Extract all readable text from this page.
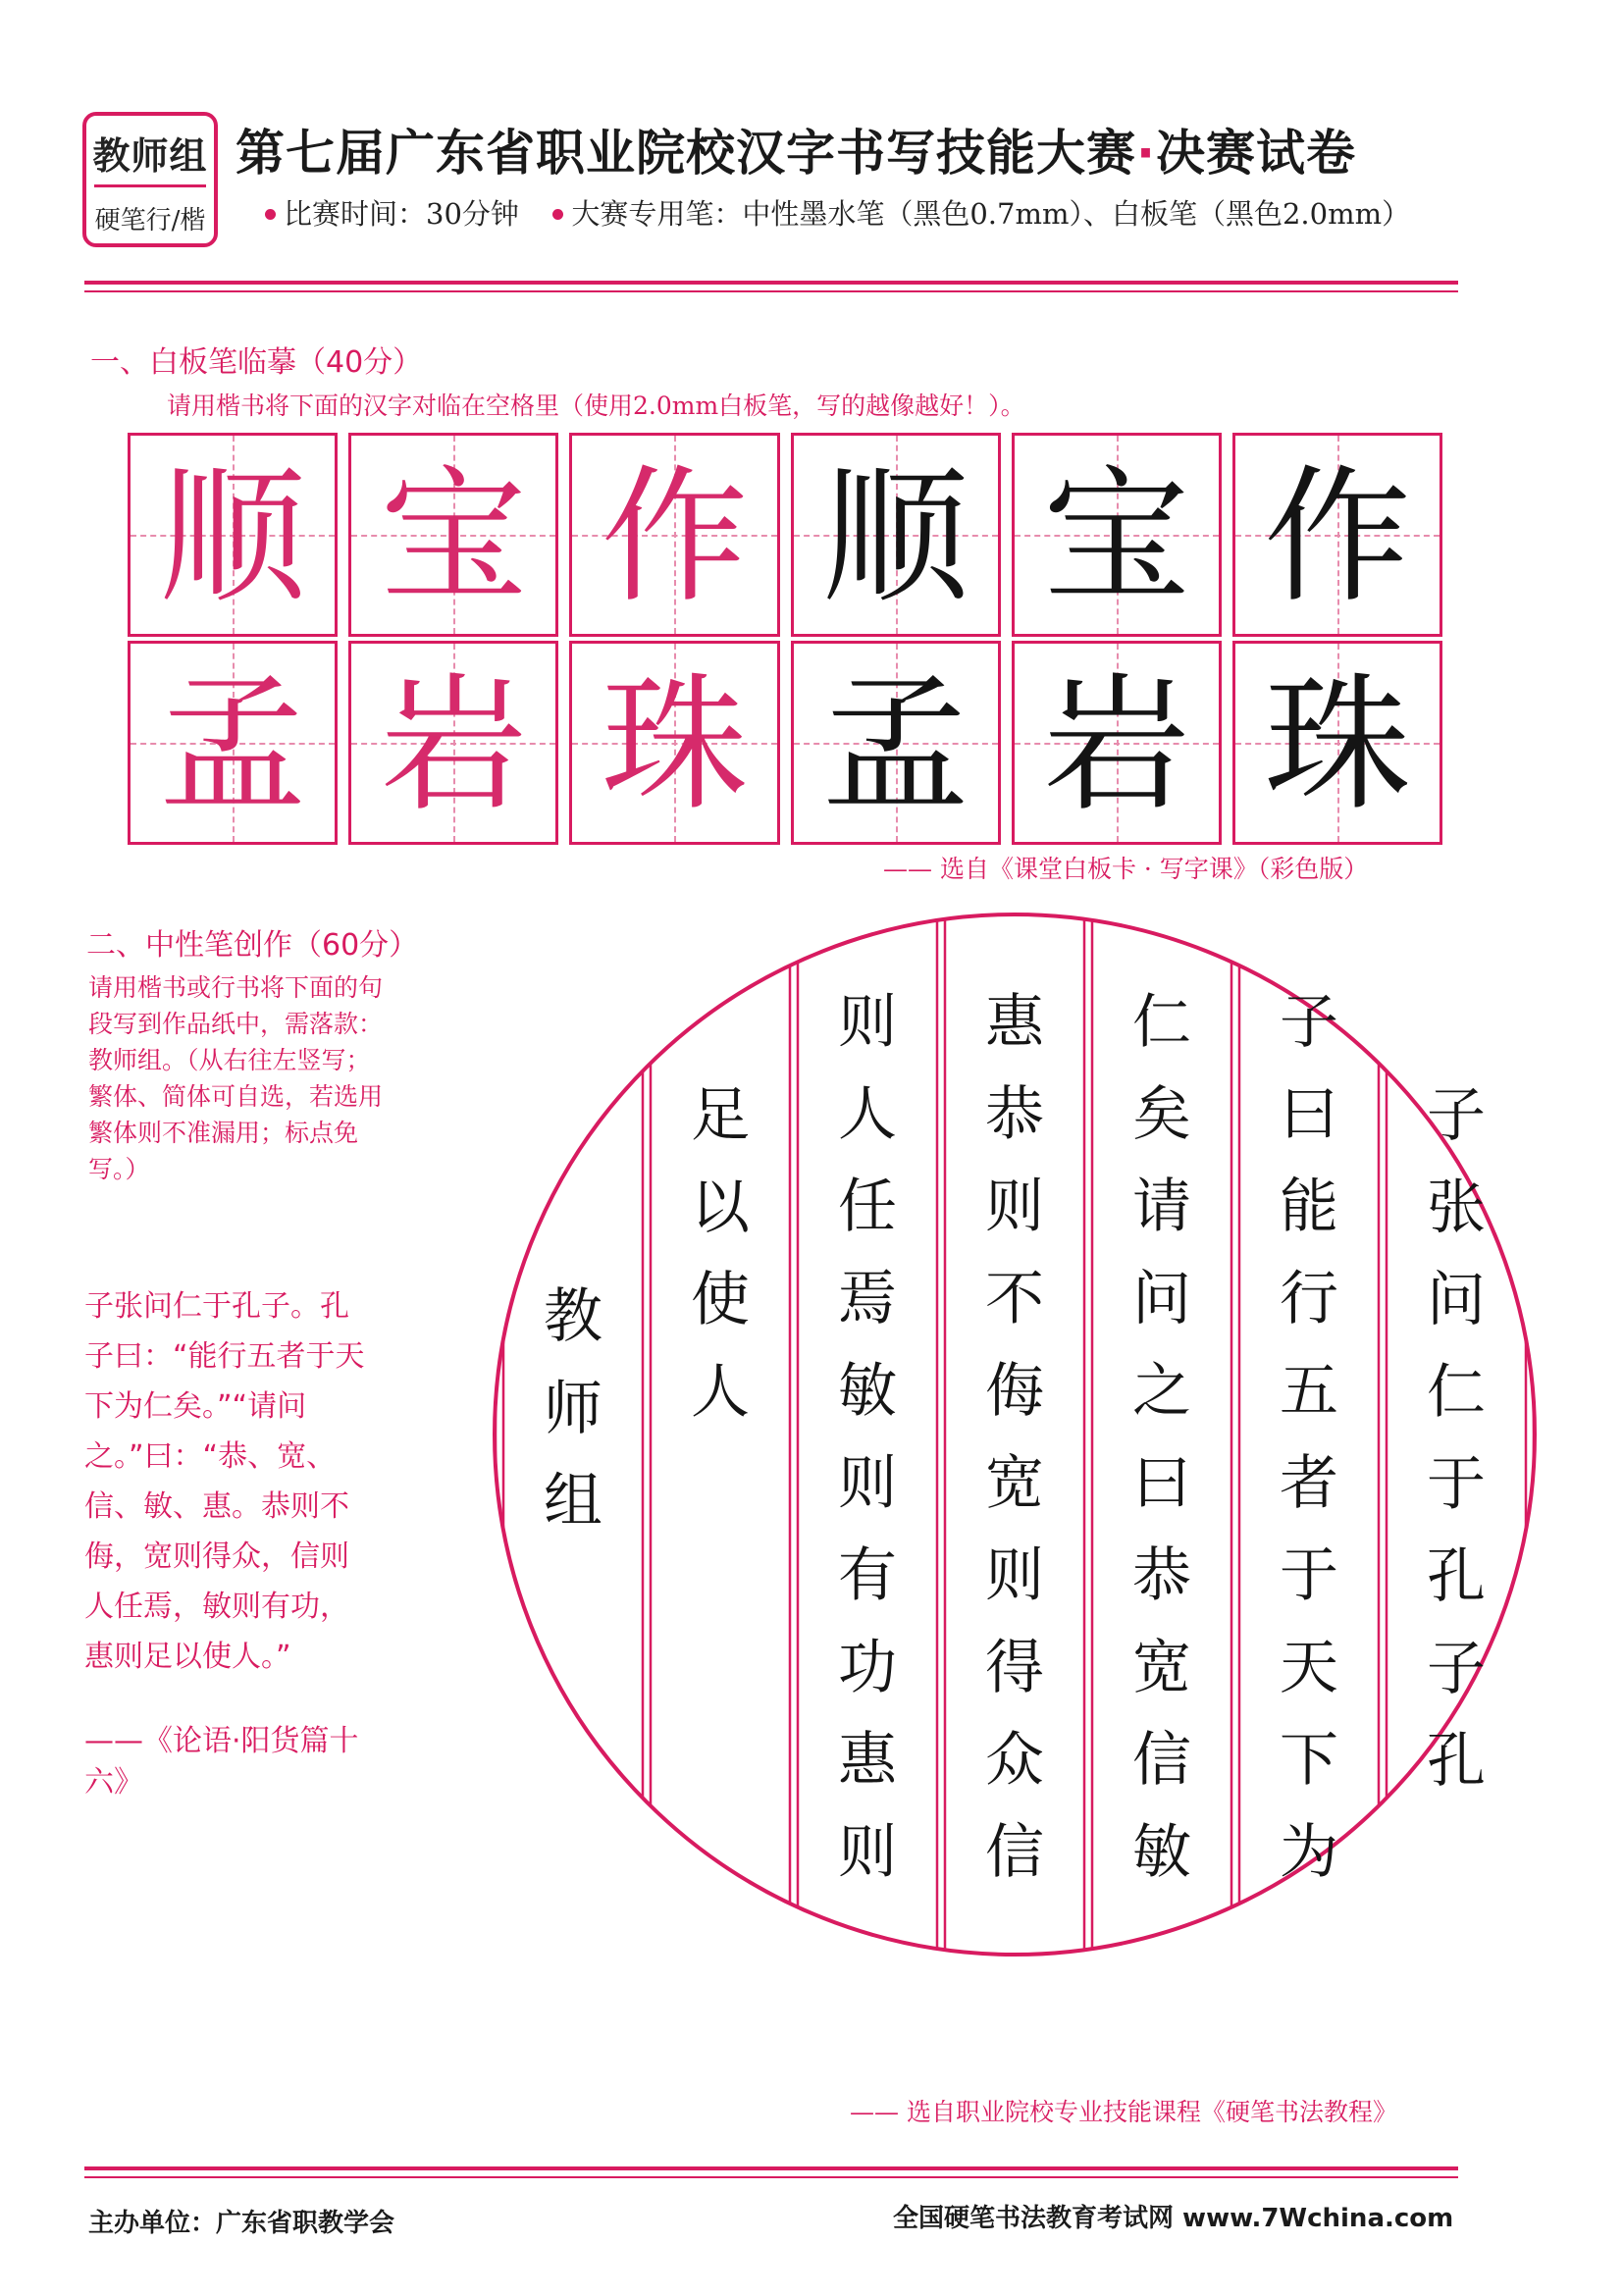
教师组
硬笔行/楷
第七届广东省职业院校汉字书写技能大赛·决赛试卷
比赛时间：30分钟 大赛专用笔：中性墨水笔（黑色0.7mm）、白板笔（黑色2.0mm）
一、白板笔临摹（40分）
请用楷书将下面的汉字对临在空格里（使用2.0mm白板笔，写的越像越好！）。
顺 宝 作 顺 宝 作
孟 岩 珠 孟 岩 珠
—— 选自《课堂白板卡 · 写字课》（彩色版）
二、中性笔创作（60分）
请用楷书或行书将下面的句段写到作品纸中，需落款：教师组。（从右往左竖写；繁体、简体可自选，若选用繁体则不准漏用；标点免写。）
子张问仁于孔子。孔子曰：“能行五者于天下为仁矣。”“请问之。”曰：“恭、宽、信、敏、惠。恭则不侮，宽则得众，信则人任焉，敏则有功，惠则足以使人。”
——《论语·阳货篇十六》
子
张
问
仁
于
孔
子
孔
子
曰
能
行
五
者
于
天
下
为
仁
矣
请
问
之
曰
恭
宽
信
敏
惠
恭
则
不
侮
宽
则
得
众
信
则
人
任
焉
敏
则
有
功
惠
则
足
以
使
人
教
师
组
—— 选自职业院校专业技能课程《硬笔书法教程》
主办单位：广东省职教学会	全国硬笔书法教育考试网 www.7Wchina.com
